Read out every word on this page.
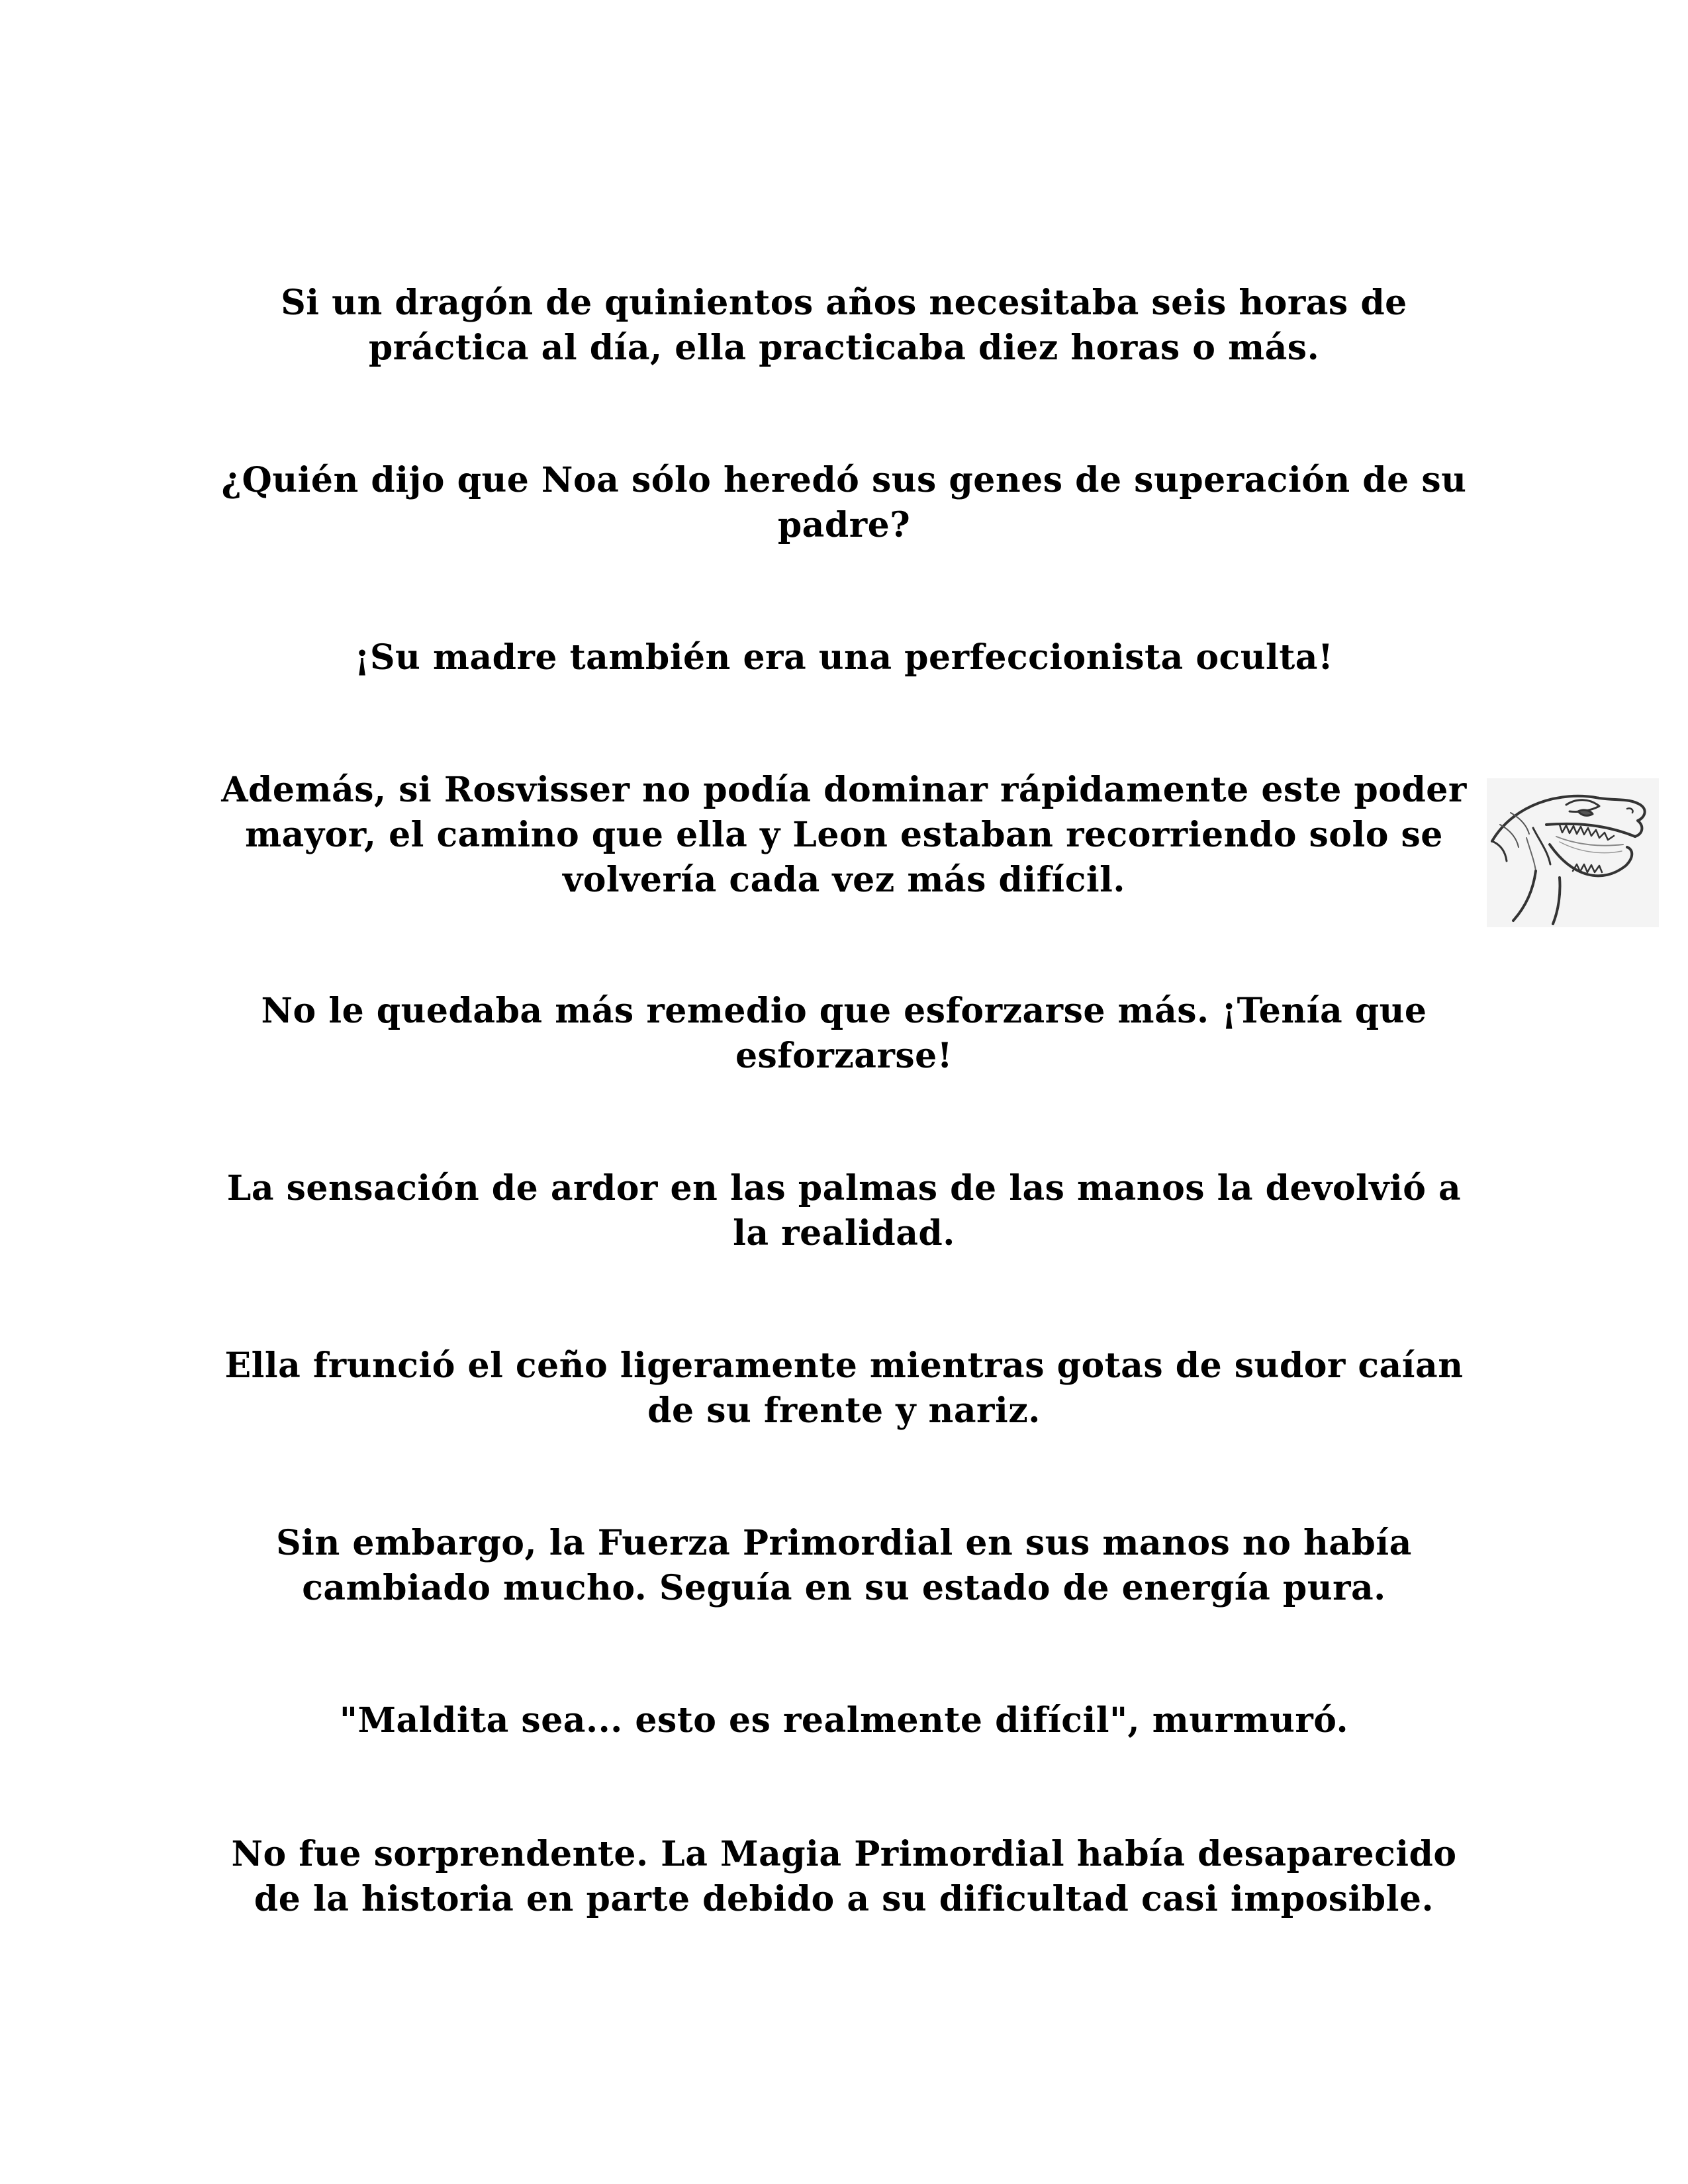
Si un dragón de quinientos años necesitaba seis horas de práctica al día, ella practicaba diez horas o más.

¿Quién dijo que Noa sólo heredó sus genes de superación de su padre?

¡Su madre también era una perfeccionista oculta!

Además, si Rosvisser no podía dominar rápidamente este poder mayor, el camino que ella y Leon estaban recorriendo solo se volvería cada vez más difícil.

No le quedaba más remedio que esforzarse más. ¡Tenía que esforzarse!

La sensación de ardor en las palmas de las manos la devolvió a la realidad.

Ella frunció el ceño ligeramente mientras gotas de sudor caían de su frente y nariz.

Sin embargo, la Fuerza Primordial en sus manos no había cambiado mucho. Seguía en su estado de energía pura.

"Maldita sea... esto es realmente difícil", murmuró.

No fue sorprendente. La Magia Primordial había desaparecido de la historia en parte debido a su dificultad casi imposible.
